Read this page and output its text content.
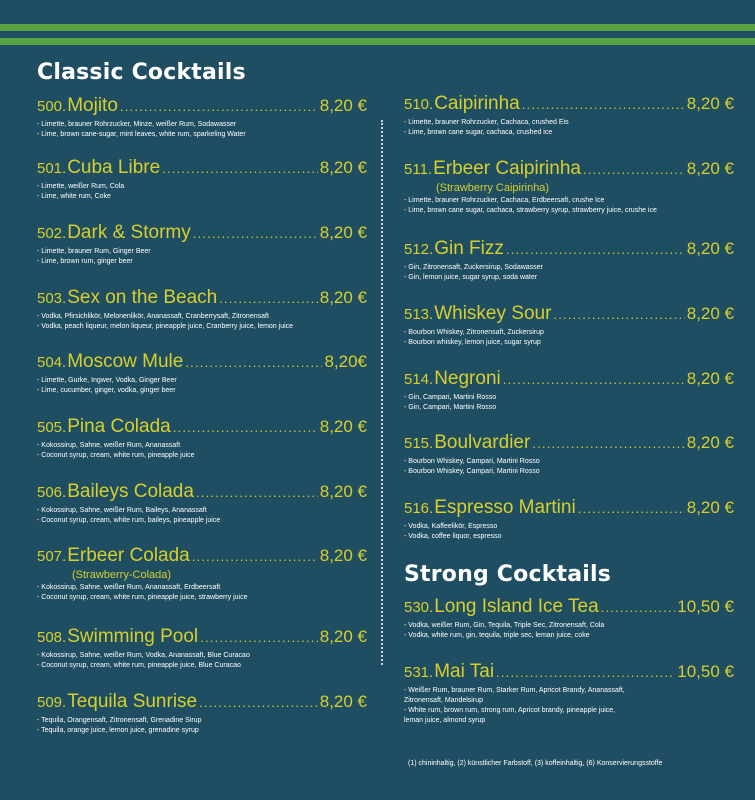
Classic Cocktails
500. Mojito .....	8,20 €
- Limette, brauner Rohrzucker, Minze, weißer Rum, Sodawasser
- Lime, brown cane-sugar, mint leaves, white rum, sparkeling Water
501. Cuba Libre .....	8,20 €
- Limette, weißer Rum, Cola
- Lime, white rum, Coke
502. Dark & Stormy .....	8,20 €
- Limette, brauner Rum, Ginger Beer
- Lime, brown rum, ginger beer
503. Sex on the Beach .....	8,20 €
- Vodka, Pfirsichlikör, Melonenlikör, Ananassaft, Cranberrysaft, Zitronensaft
- Vodka, peach liqueur, melon liqueur, pineapple juice, Cranberry juice, lemon juice
504. Moscow Mule .....	8,20€
- Limette, Gurke, Ingwer, Vodka, Ginger Beer
- Lime, cucumber, ginger, vodka, ginger beer
505. Pina Colada .....	8,20 €
- Kokossirup, Sahne, weißer Rum, Ananassaft
- Coconut syrup, cream, white rum, pineapple juice
506. Baileys Colada .....	8,20 €
- Kokossirup, Sahne, weißer Rum, Baileys, Ananassaft
- Coconut syrup, cream, white rum, baileys, pineapple juice
507. Erbeer Colada .....	8,20 €
(Strawberry-Colada)
- Kokossirup, Sahne, weißer Rum, Ananassaft, Erdbeersaft
- Coconut syrup, cream, white rum, pineapple juice, strawberry juice
508. Swimming Pool .....	8,20 €
- Kokossirup, Sahne, weißer Rum, Vodka, Ananassaft, Blue Curacao
- Coconut syrup, cream, white rum, pineapple juice, Blue Curacao
509. Tequila Sunrise .....	8,20 €
- Tequila, Orangensaft, Zitronensaft, Grenadine Sirup
- Tequila, orange juice, lemon juice, grenadine syrup
510. Caipirinha .....	8,20 €
- Limette, brauner Rohrzucker, Cachaca, crushed Eis
- Lime, brown cane sugar, cachaca, crushed ice
511. Erbeer Caipirinha .....	8,20 €
(Strawberry Caipirinha)
- Limette, brauner Rohrzucker, Cachaca, Erdbeersaft, crushe Ice
- Lime, brown cane sugar, cachaca, strawberry syrup, strawberry juice, crushe ice
512. Gin Fizz .....	8,20 €
- Gin, Zitronensaft, Zuckersirup, Sodawasser
- Gin, lemon juice, sugar syrup, soda water
513. Whiskey Sour .....	8,20 €
- Bourbon Whiskey, Zitronensaft, Zuckersirup
- Bourbon whiskey, lemon juice, sugar syrup
514. Negroni .....	8,20 €
- Gin, Campari, Martini Rosso
- Gin, Campari, Martini Rosso
515. Boulvardier .....	8,20 €
- Bourbon Whiskey, Campari, Martini Rosso
- Bourbon Whiskey, Campari, Martini Rosso
516. Espresso Martini .....	8,20 €
- Vodka, Kaffeelikör, Espresso
- Vodka, coffee liquor, espresso
Strong Cocktails
530. Long Island Ice Tea .....	10,50 €
- Vodka, weißer Rum, Gin, Tequila, Triple Sec, Zitronensaft, Cola
- Vodka, white rum, gin, tequila, triple sec, leman juice, coke
531. Mai Tai .....	10,50 €
- Weißer Rum, brauner Rum, Starker Rum, Apricot Brandy, Ananassaft,
Zitronensaft, Mandelsirup
- White rum, brown rum, strong rum, Apricot brandy, pineapple juice,
leman juice, almond syrup
(1) chininhaltig, (2) künstlicher Farbstoff, (3) koffeinhaltig, (6) Konservierungsstoffe
